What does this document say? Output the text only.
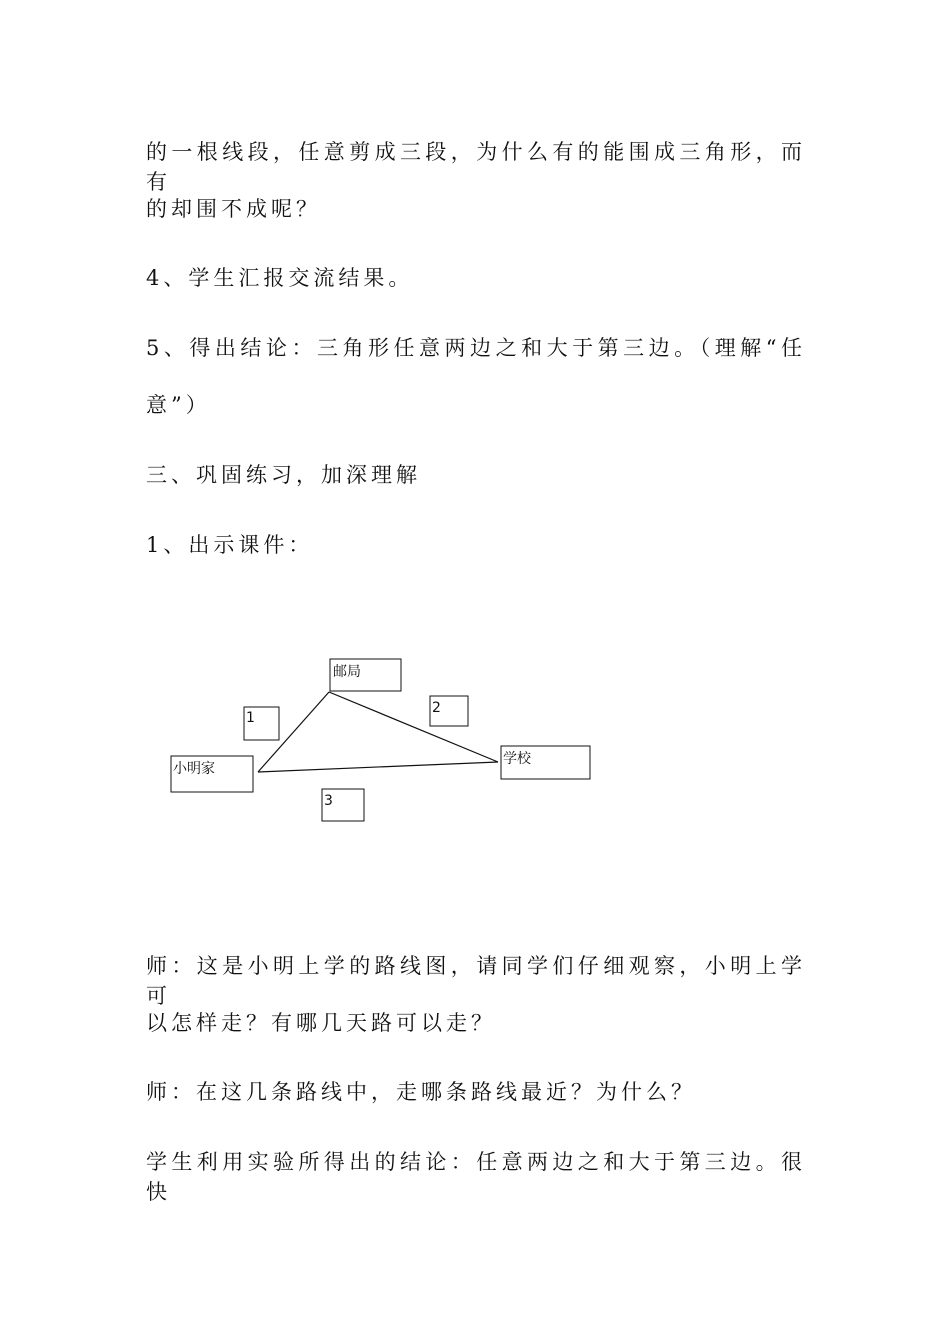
的一根线段，任意剪成三段，为什么有的能围成三角形，而有
的却围不成呢？
4、学生汇报交流结果。
5、得出结论：三角形任意两边之和大于第三边。（理解“任
意”）
三、巩固练习，加深理解
1、出示课件：
邮局
小明家
学校
1
2
3
师：这是小明上学的路线图，请同学们仔细观察，小明上学可
以怎样走？有哪几天路可以走？
师：在这几条路线中，走哪条路线最近？为什么？
学生利用实验所得出的结论：任意两边之和大于第三边。很快
